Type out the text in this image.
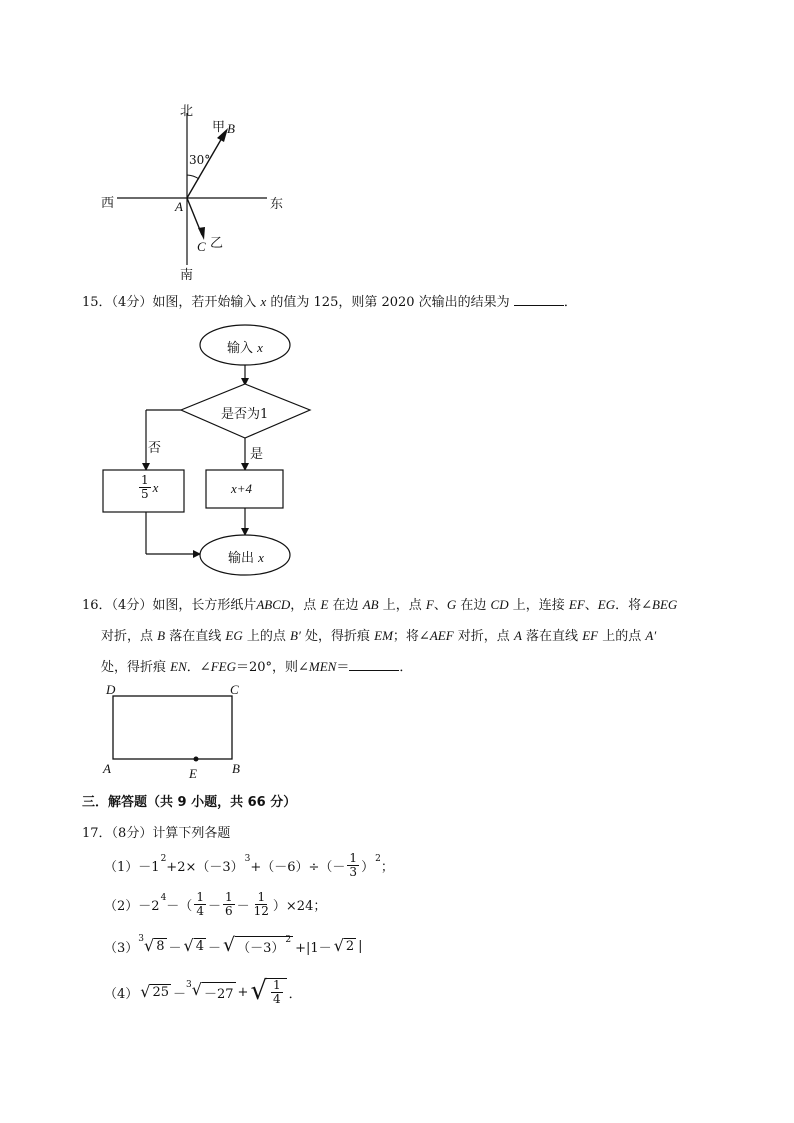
北
南
西	东
A
B
C
甲
乙
30°
15．（4分）如图，若开始输入 x 的值为 125，则第 2020 次输出的结果为	．
输入 x
是否为1
否	是
x+4
$\frac{1}{5}$ x
输出 x
16．（4分）如图，长方形纸片ABCD，点 E 在边 AB 上，点 F、G 在边 CD 上，连接 EF、EG．将∠BEG
对折，点 B 落在直线 EG 上的点 B′ 处，得折痕 EM；将∠AEF 对折，点 A 落在直线 EF 上的点 A′
处，得折痕 EN．∠FEG＝20°，则∠MEN＝	．
D	C
A	B
E
三．解答题（共 9 小题，共 66 分）
17．（8分）计算下列各题
（1） －1
2
+2×（－3）
3
$+(-6)\div(- \frac{1}{3}$ ）
2
；
（2） －2
4
－（ $\frac{1}{4} - \frac{1}{6} - \frac{1}{12} )\times 24$；
（3）
3 √ 8 － √ 4 － √ （－3）
2
+|1－ √ 2 |
（4） √ 25 －
3 √ －27 + √ $\frac{1}{4}$ ．
